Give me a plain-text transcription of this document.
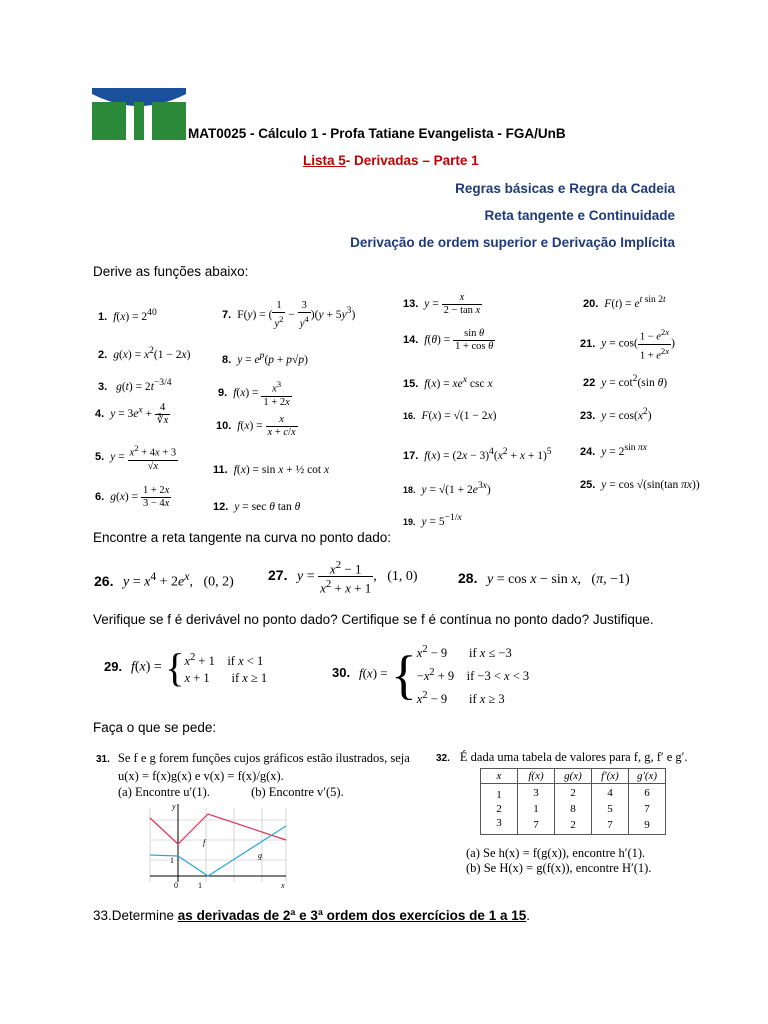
MAT0025 - Cálculo 1 - Profa Tatiane Evangelista - FGA/UnB
Lista 5- Derivadas – Parte 1
Regras básicas e Regra da Cadeia
Reta tangente e Continuidade
Derivação de ordem superior e Derivação Implícita
Derive as funções abaixo:
1. $f(x) = 2^{40}$
2. $g(x) = x^2(1 - 2x)$
3. $g(t) = 2t^{-3/4}$
4. $y = 3e^x + \frac{4}{∛x}$
5. $y = \frac{x^2 + 4x + 3}{√x}$
6. $g(x) = \frac{1 + 2x}{3 - 4x}$
7. F(y) = ( $\frac{1}{y^2} - \frac{3}{y^4} )(y + 5y^3)$
8. $y = e^p(p + p√p)$
9. $f(x) = \frac{x^3}{1 + 2x}$
10. $f(x) = \frac{x}{x + c/x}$
11. f(x) = sin x + ½ cot x
12. y = sec θ tan θ
13. $y = \frac{x}{\text{2 − tan x}}$
14. $f(\theta) = \frac{\text{sin θ}}{\text{1 + cos θ}}$
15. $f(x) = xe^x$ csc x
16. F(x) = √(1 − 2x)
17. $f(x) = (2x - 3)^4(x^2 + x + 1)^5$
18. $y = √(1 + 2e^{3x})$
19. $y = 5^{-1/x}$
20. $F(t) = e^{t sin 2t}$
21. $y = \cos( \frac{1 - e^{2x}}{1 + e^{2x}}$ )
22 $y = \cot^2(\sin$ θ)
23. $y = \cos(x^2)$
24. $y = 2^{sin \pi x}$
25. y = cos √(sin(tan πx))
Encontre a reta tangente na curva no ponto dado:
26. $y = x^4 + 2e^x$,   (0, 2) 27. $y = \frac{x^2 - 1}{x^2 + x + 1}$ ,   (1, 0)	28. y = cos x − sin x,   (π, −1)
Verifique se f é derivável no ponto dado? Certifique se f é contínua no ponto dado? Justifique.
29. $f(x) = \{x^2 + 1$    if x < 1
x + 1       if x ≥ 1	30. $f(x) = \{x^2 - 9$       if x ≤ −3
$-x^2 + 9$    if −3 < x < 3
$x^2 - 9$       if x ≥ 3
Faça o que se pede:
31. Se f e g forem funções cujos gráficos estão ilustrados, seja
u(x) = f(x)g(x) e v(x) = f(x)/g(x).
(a) Encontre u′(1).	(b) Encontre v′(5).
y
x
f
g
0	1
1
32. É dada uma tabela de valores para f, g, f′ e g′.
x	f(x)	g(x)	f′(x)	g′(x)
1	3	2	4	6
2	1	8	5	7
3	7	2	7	9
(a) Se h(x) = f(g(x)), encontre h′(1).
(b) Se H(x) = g(f(x)), encontre H′(1).
33.Determine as derivadas de 2ª e 3ª ordem dos exercícios de 1 a 15.
